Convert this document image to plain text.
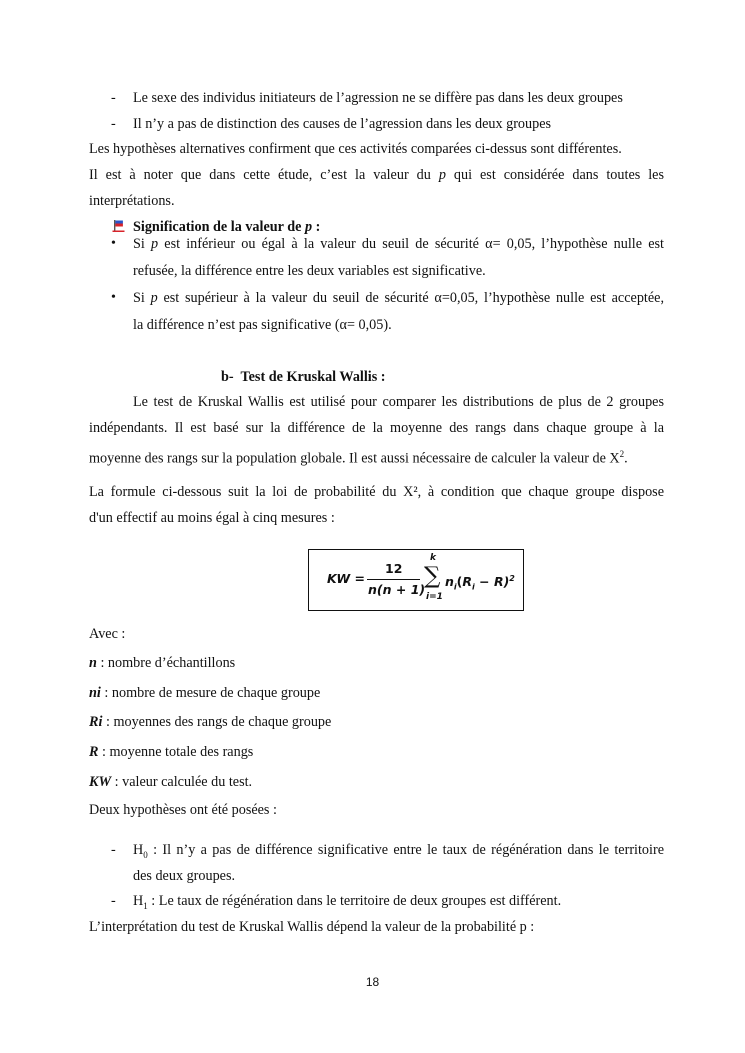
- Le sexe des individus initiateurs de l’agression ne se diffère pas dans les deux groupes
- Il n’y a pas de distinction des causes de l’agression dans les deux groupes
Les hypothèses alternatives confirment que ces activités comparées ci-dessus sont différentes.
Il est à noter que dans cette étude, c’est la valeur du p qui est considérée dans toutes les
interprétations.
Signification de la valeur de p :
• Si p est inférieur ou égal à la valeur du seuil de sécurité α= 0,05, l’hypothèse nulle est
refusée, la différence entre les deux variables est significative.
• Si p est supérieur à la valeur du seuil de sécurité α=0,05, l’hypothèse nulle est acceptée,
la différence n’est pas significative (α= 0,05).
b- Test de Kruskal Wallis :
Le test de Kruskal Wallis est utilisé pour comparer les distributions de plus de 2 groupes
indépendants. Il est basé sur la différence de la moyenne des rangs dans chaque groupe à la
moyenne des rangs sur la population globale. Il est aussi nécessaire de calculer la valeur de $X^2$.
La formule ci-dessous suit la loi de probabilité du X², à condition que chaque groupe dispose
d'un effectif au moins égal à cinq mesures :
KW =
12
n(n + 1)
k
∑
i=1
$n_i(R_i - R)^2$
Avec :
n : nombre d’échantillons
ni : nombre de mesure de chaque groupe
Ri : moyennes des rangs de chaque groupe
R : moyenne totale des rangs
KW : valeur calculée du test.
Deux hypothèses ont été posées :
- $H_0$ : Il n’y a pas de différence significative entre le taux de régénération dans le territoire
des deux groupes.
- $H_1$ : Le taux de régénération dans le territoire de deux groupes est différent.
L’interprétation du test de Kruskal Wallis dépend la valeur de la probabilité p :
18
